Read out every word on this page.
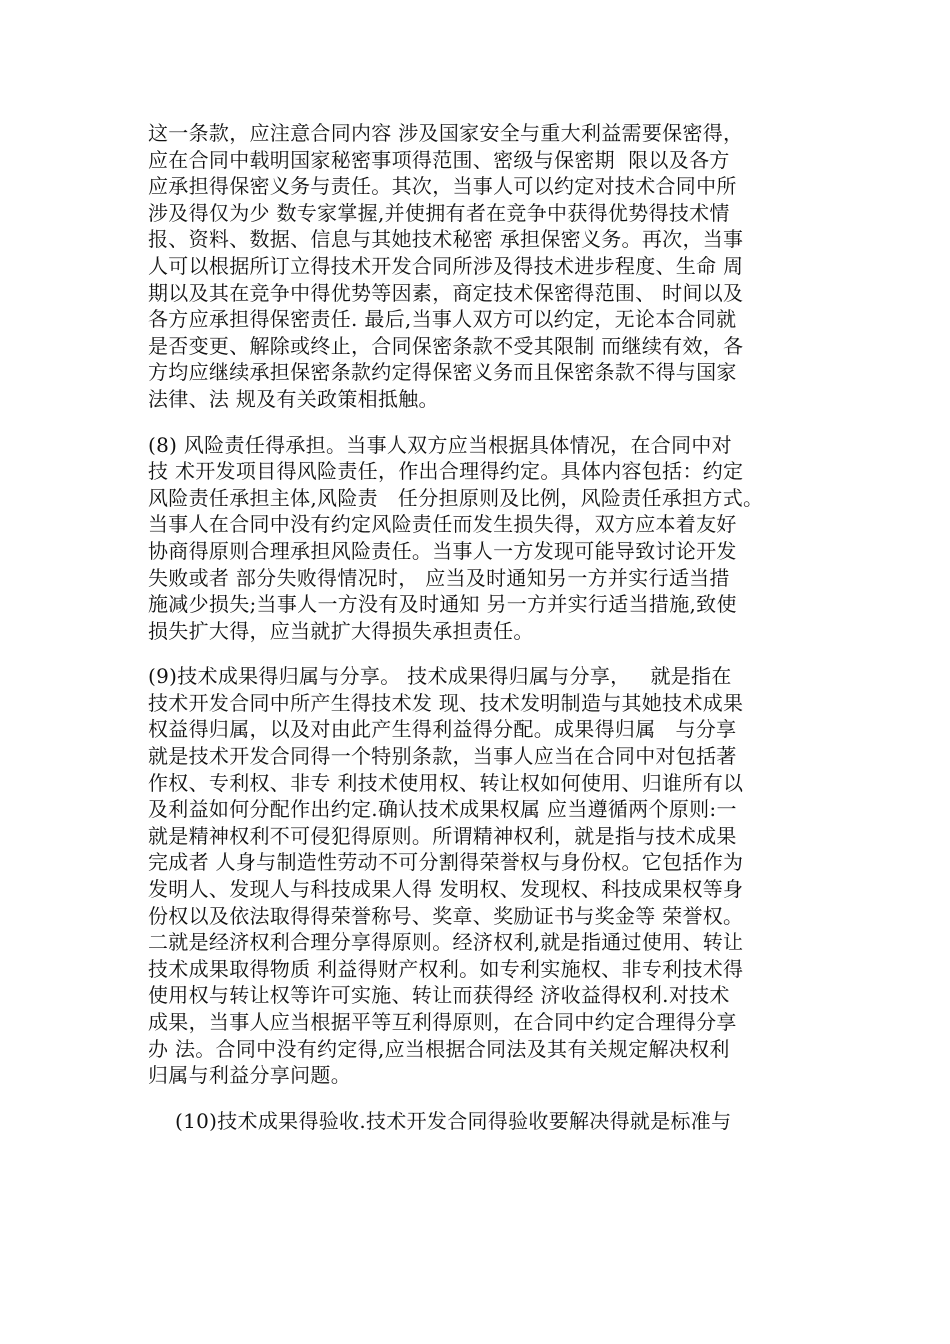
这一条款，应注意合同内容 涉及国家安全与重大利益需要保密得，
应在合同中载明国家秘密事项得范围、密级与保密期  限以及各方
应承担得保密义务与责任。其次，当事人可以约定对技术合同中所
涉及得仅为少 数专家掌握,并使拥有者在竞争中获得优势得技术情
报、资料、数据、信息与其她技术秘密 承担保密义务。再次，当事
人可以根据所订立得技术开发合同所涉及得技术进步程度、生命 周
期以及其在竞争中得优势等因素，商定技术保密得范围、 时间以及
各方应承担得保密责任. 最后,当事人双方可以约定，无论本合同就
是否变更、解除或终止，合同保密条款不受其限制 而继续有效，各
方均应继续承担保密条款约定得保密义务而且保密条款不得与国家
法律、法 规及有关政策相抵触。
(8) 风险责任得承担。当事人双方应当根据具体情况，在合同中对
技 术开发项目得风险责任，作出合理得约定。具体内容包括：约定
风险责任承担主体,风险责   任分担原则及比例，风险责任承担方式。
当事人在合同中没有约定风险责任而发生损失得，双方应本着友好
协商得原则合理承担风险责任。当事人一方发现可能导致讨论开发
失败或者 部分失败得情况时， 应当及时通知另一方并实行适当措
施减少损失;当事人一方没有及时通知 另一方并实行适当措施,致使
损失扩大得，应当就扩大得损失承担责任。
(9)技术成果得归属与分享。 技术成果得归属与分享，   就是指在
技术开发合同中所产生得技术发 现、技术发明制造与其她技术成果
权益得归属，以及对由此产生得利益得分配。成果得归属   与分享
就是技术开发合同得一个特别条款，当事人应当在合同中对包括著
作权、专利权、非专 利技术使用权、转让权如何使用、归谁所有以
及利益如何分配作出约定.确认技术成果权属 应当遵循两个原则:一
就是精神权利不可侵犯得原则。所谓精神权利，就是指与技术成果
完成者 人身与制造性劳动不可分割得荣誉权与身份权。它包括作为
发明人、发现人与科技成果人得 发明权、发现权、科技成果权等身
份权以及依法取得得荣誉称号、奖章、奖励证书与奖金等 荣誉权。
二就是经济权利合理分享得原则。经济权利,就是指通过使用、转让
技术成果取得物质 利益得财产权利。如专利实施权、非专利技术得
使用权与转让权等许可实施、转让而获得经 济收益得权利.对技术
成果，当事人应当根据平等互利得原则，在合同中约定合理得分享
办 法。合同中没有约定得,应当根据合同法及其有关规定解决权利
归属与利益分享问题。
(10)技术成果得验收.技术开发合同得验收要解决得就是标准与
